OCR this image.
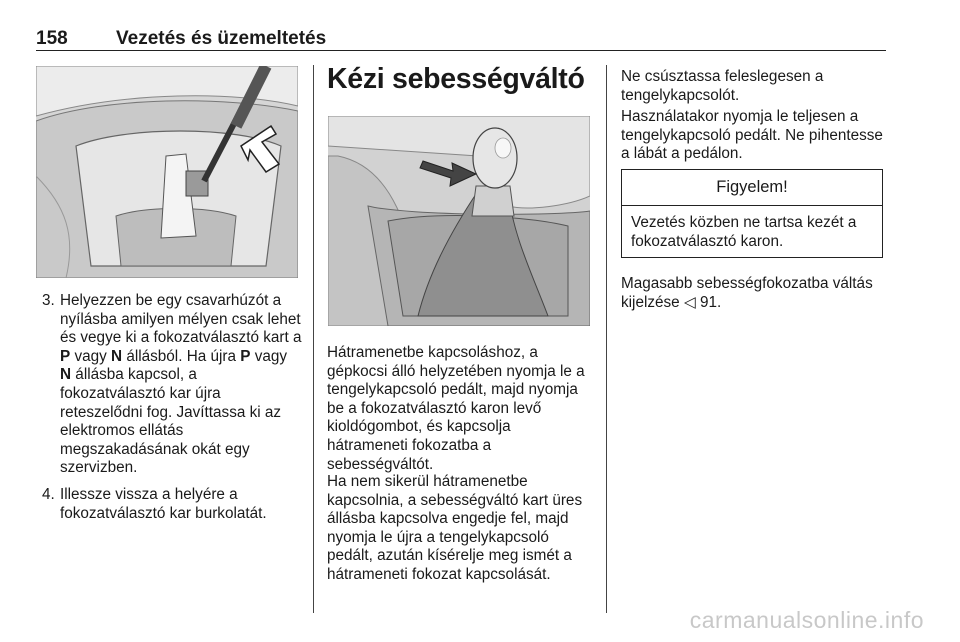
158	Vezetés és üzemeltetés
3. Helyezzen be egy csavarhúzót a nyílásba amilyen mélyen csak lehet és vegye ki a fokozatválasztó kart a P vagy N állásból. Ha újra P vagy N állásba kapcsol, a fokozatválasztó kar újra reteszelődni fog. Javíttassa ki az elektromos ellátás megszakadásának okát egy szervizben.
4. Illessze vissza a helyére a fokozatválasztó kar burkolatát.
Kézi sebességváltó

Hátramenetbe kapcsoláshoz, a gépkocsi álló helyzetében nyomja le a tengelykapcsoló pedált, majd nyomja be a fokozatválasztó karon levő kioldógombot, és kapcsolja hátrameneti fokozatba a sebességváltót.

Ha nem sikerül hátramenetbe kapcsolnia, a sebességváltó kart üres állásba kapcsolva engedje fel, majd nyomja le újra a tengelykapcsoló pedált, azután kísérelje meg ismét a hátrameneti fokozat kapcsolását.

Ne csúsztassa feleslegesen a tengelykapcsolót.

Használatakor nyomja le teljesen a tengelykapcsoló pedált. Ne pihentesse a lábát a pedálon.

Figyelem!
Vezetés közben ne tartsa kezét a fokozatválasztó karon.

Magasabb sebességfokozatba váltás kijelzése ◁ 91.

carmanualsonline.info
